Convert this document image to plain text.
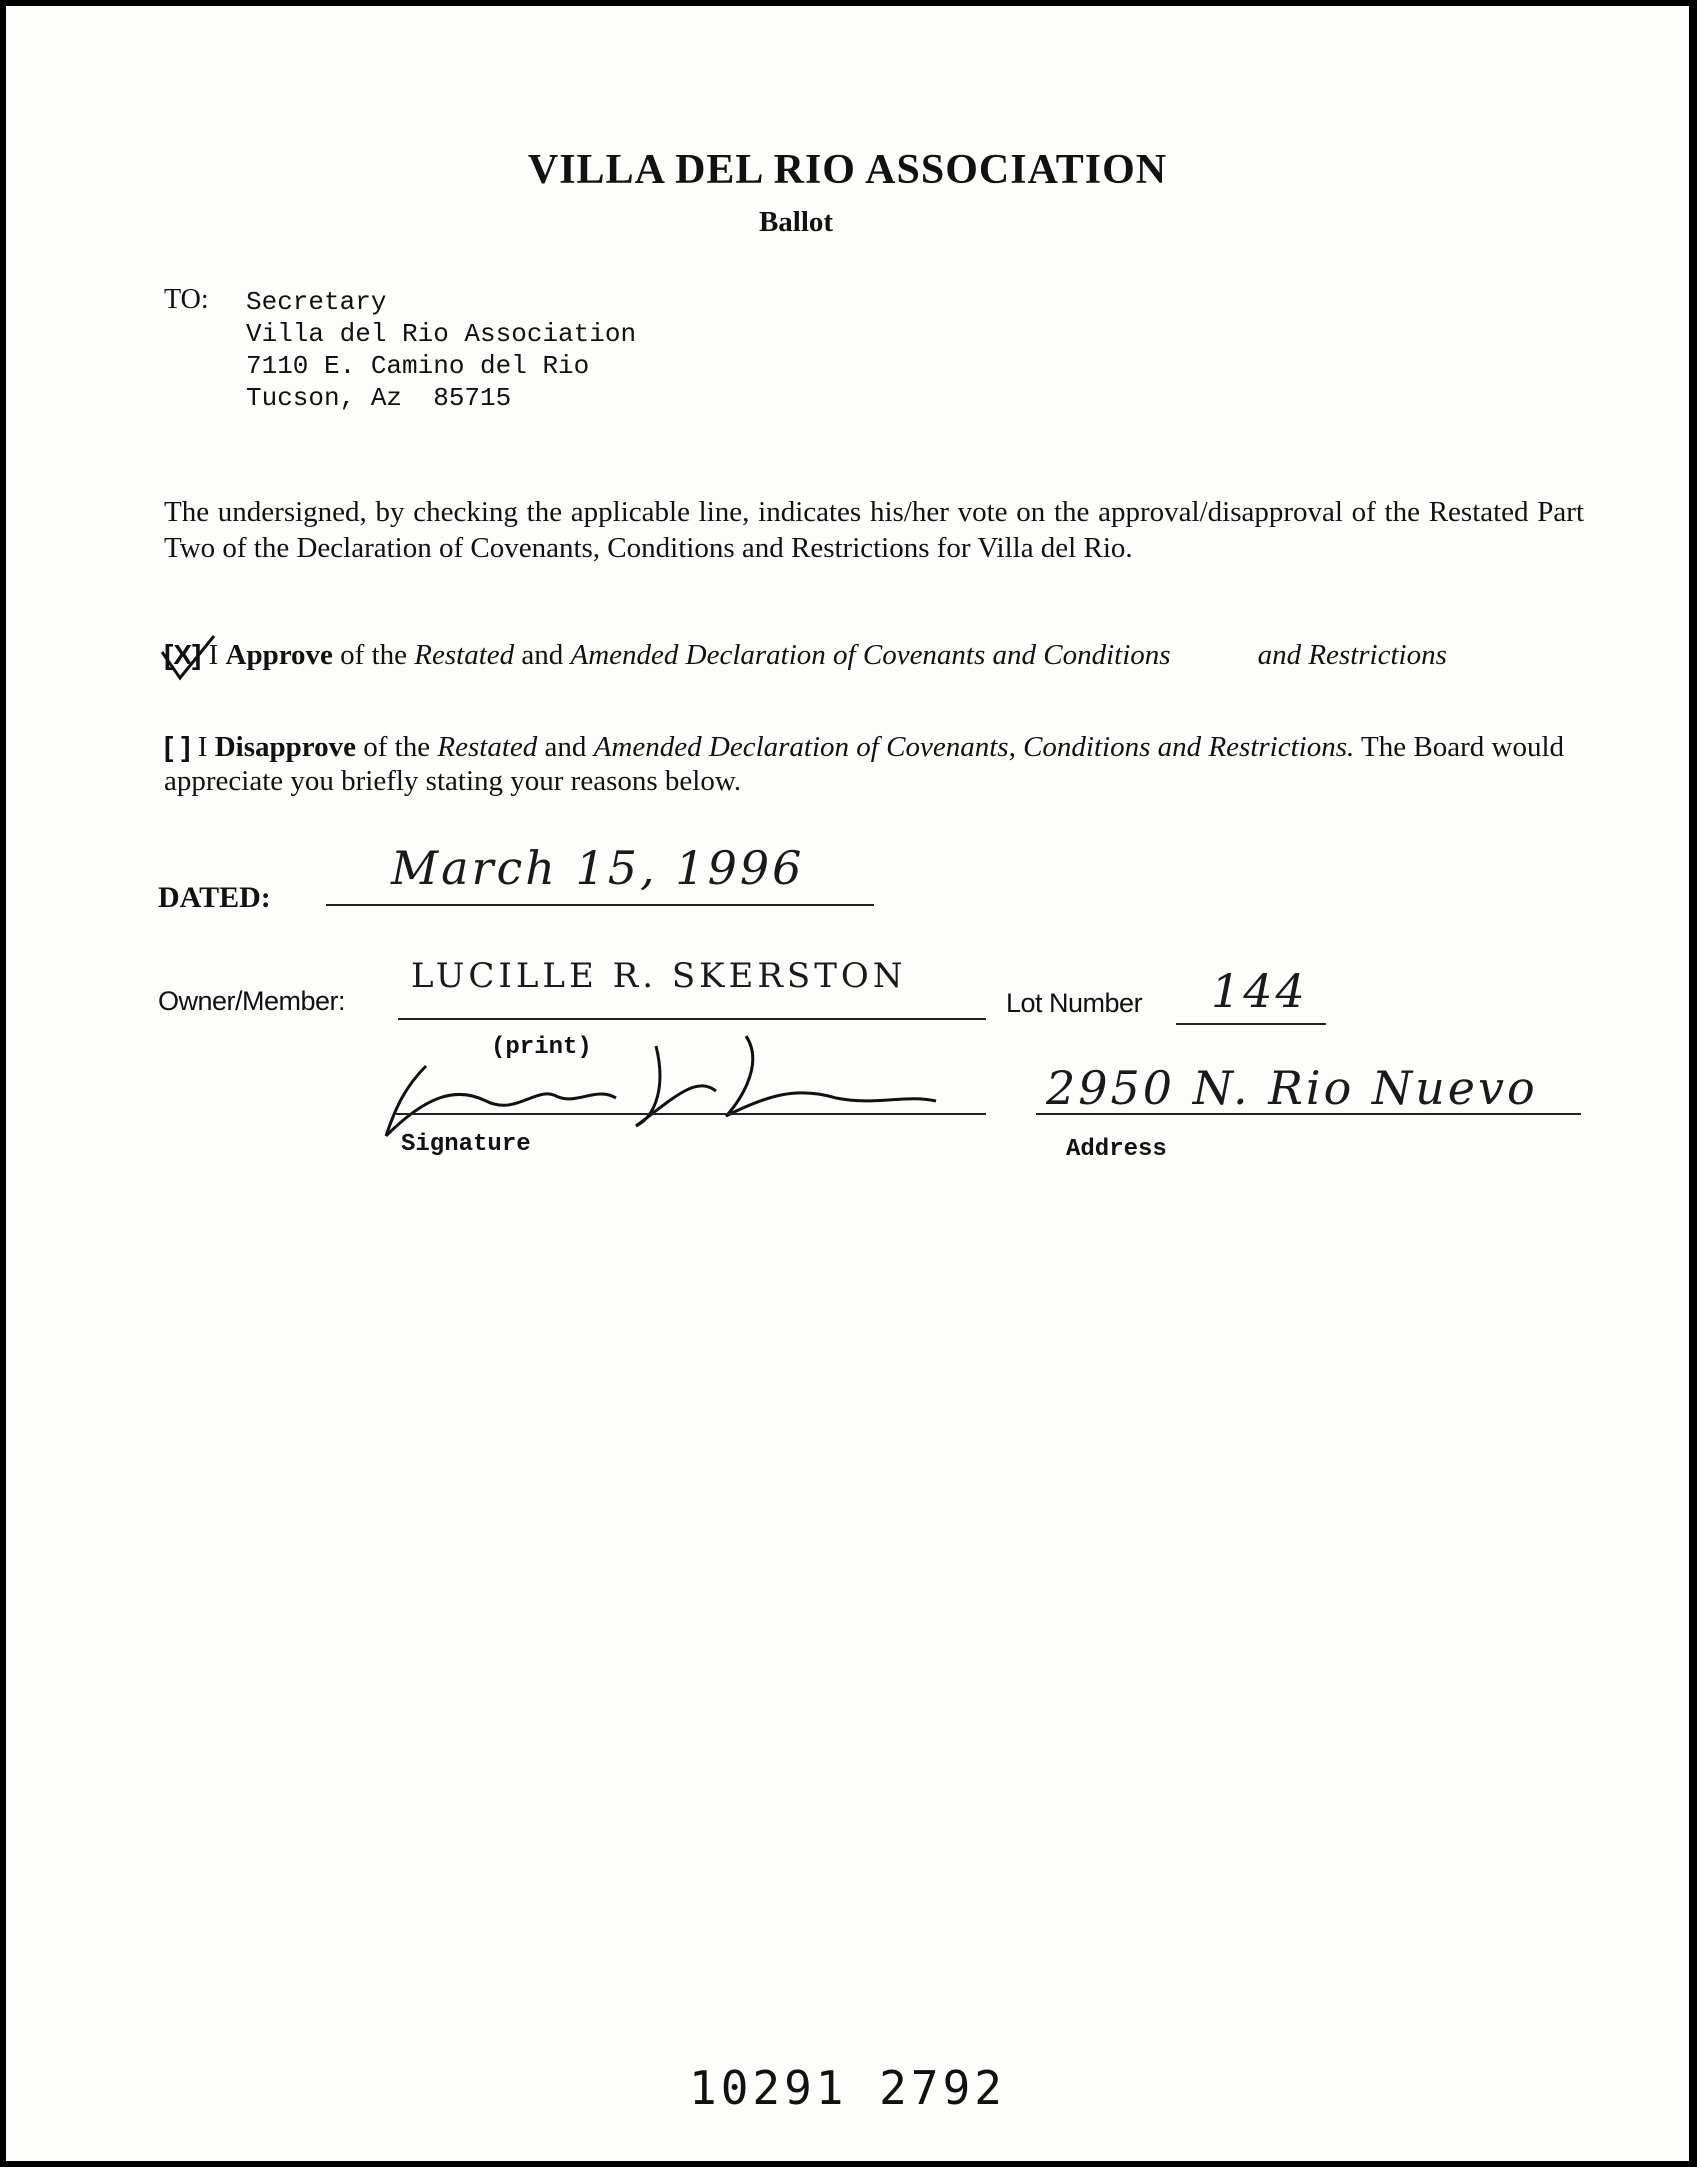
VILLA DEL RIO ASSOCIATION
Ballot
TO: Secretary
Villa del Rio Association
7110 E. Camino del Rio
Tucson, Az  85715
The undersigned, by checking the applicable line, indicates his/her vote on the approval/disapproval of the Restated Part Two of the Declaration of Covenants, Conditions and Restrictions for Villa del Rio.
[X] I Approve of the Restated and Amended Declaration of Covenants and Conditions	and Restrictions
[ ] I Disapprove of the Restated and Amended Declaration of Covenants, Conditions and Restrictions. The Board would appreciate you briefly stating your reasons below.
DATED:
March 15, 1996
Owner/Member:
LUCILLE R. SKERSTON
Lot Number 144
(print)
Signature
2950 N. Rio Nuevo
Address
10291 2792
